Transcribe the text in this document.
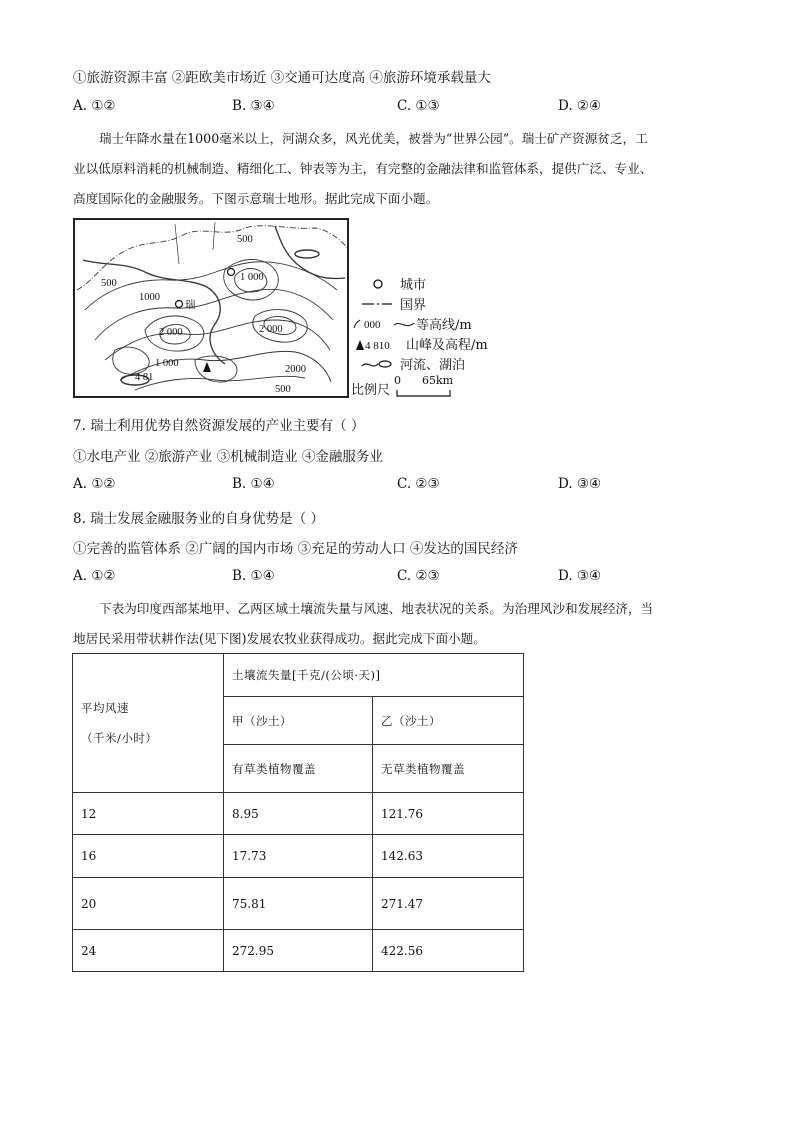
①旅游资源丰富 ②距欧美市场近 ③交通可达度高 ④旅游环境承载量大
A. ①②	B. ③④	C. ①③	D. ②④
瑞士年降水量在1000毫米以上，河湖众多，风光优美，被誉为“世界公园”。瑞士矿产资源贫乏，工
业以低原料消耗的机械制造、精细化工、钟表等为主，有完整的金融法律和监管体系，提供广泛、专业、
高度国际化的金融服务。下图示意瑞士地形。据此完成下面小题。
500
1 000
2 000	2 000
1 000
2000
500
500
1000
4 81
瑞
城市
国界
000	等高线/m
4 810 山峰及高程/m
河流、湖泊
比例尺
0 65km
7. 瑞士利用优势自然资源发展的产业主要有（ ）
①水电产业 ②旅游产业 ③机械制造业 ④金融服务业
A. ①②	B. ①④	C. ②③	D. ③④
8. 瑞士发展金融服务业的自身优势是（ ）
①完善的监管体系 ②广阔的国内市场 ③充足的劳动人口 ④发达的国民经济
A. ①②	B. ①④	C. ②③	D. ③④
下表为印度西部某地甲、乙两区域土壤流失量与风速、地表状况的关系。为治理风沙和发展经济，当
地居民采用带状耕作法(见下图)发展农牧业获得成功。据此完成下面小题。
平均风速
（千米/小时）	土壤流失量[千克/(公顷·天)]	
	甲（沙土）	乙（沙土）
	有草类植物覆盖	无草类植物覆盖
12	8.95	121.76
16	17.73	142.63
20	75.81	271.47
24	272.95	422.56
